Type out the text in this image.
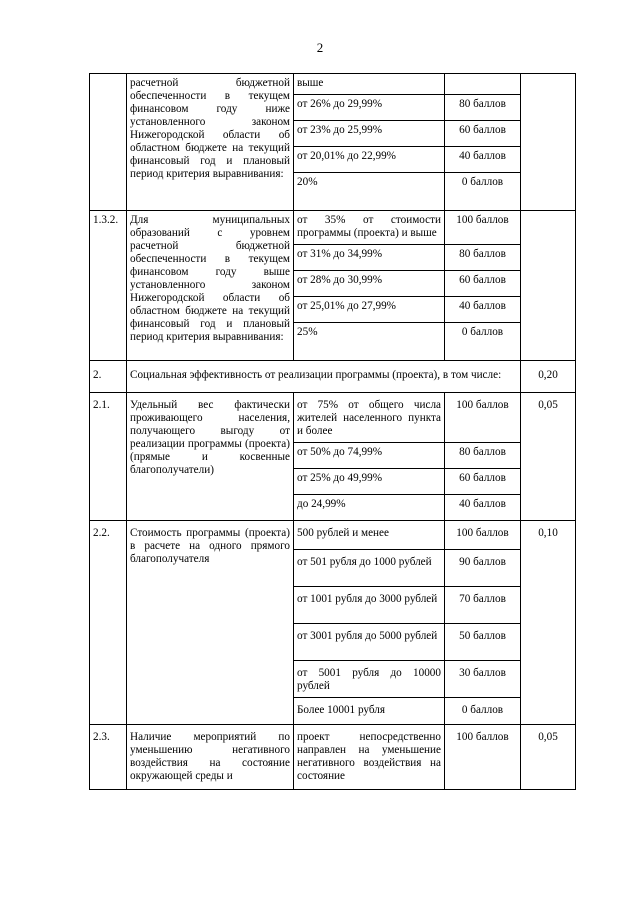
2
	расчетной бюджетной обеспеченности в текущем финансовом году ниже установленного законом Нижегородской области об областном бюджете на текущий финансовый год и плановый период критерия выравнивания:	выше		
		от 26% до 29,99%	80 баллов	
		от 23% до 25,99%	60 баллов	
		от 20,01% до 22,99%	40 баллов	
		20%	0 баллов	
1.3.2.	Для муниципальных образований с уровнем расчетной бюджетной обеспеченности в текущем финансовом году выше установленного законом Нижегородской области об областном бюджете на текущий финансовый год и плановый период критерия выравнивания:	от 35% от стоимости программы (проекта) и выше	100 баллов	
		от 31% до 34,99%	80 баллов	
		от 28% до 30,99%	60 баллов	
		от 25,01% до 27,99%	40 баллов	
		25%	0 баллов	
2.	Социальная эффективность от реализации программы (проекта), в том числе:			0,20
2.1.	Удельный вес фактически проживающего населения, получающего выгоду от реализации программы (проекта) (прямые и косвенные благополучатели)	от 75% от общего числа жителей населенного пункта и более	100 баллов	0,05
		от 50% до 74,99%	80 баллов	
		от 25% до 49,99%	60 баллов	
		до 24,99%	40 баллов	
2.2.	Стоимость программы (проекта) в расчете на одного прямого благополучателя	500 рублей и менее	100 баллов	0,10
		от 501 рубля до 1000 рублей	90 баллов	
		от 1001 рубля до 3000 рублей	70 баллов	
		от 3001 рубля до 5000 рублей	50 баллов	
		от 5001 рубля до 10000 рублей	30 баллов	
		Более 10001 рубля	0 баллов	
2.3.	Наличие мероприятий по уменьшению негативного воздействия на состояние окружающей среды и	проект непосредственно направлен на уменьшение негативного воздействия на состояние	100 баллов	0,05
